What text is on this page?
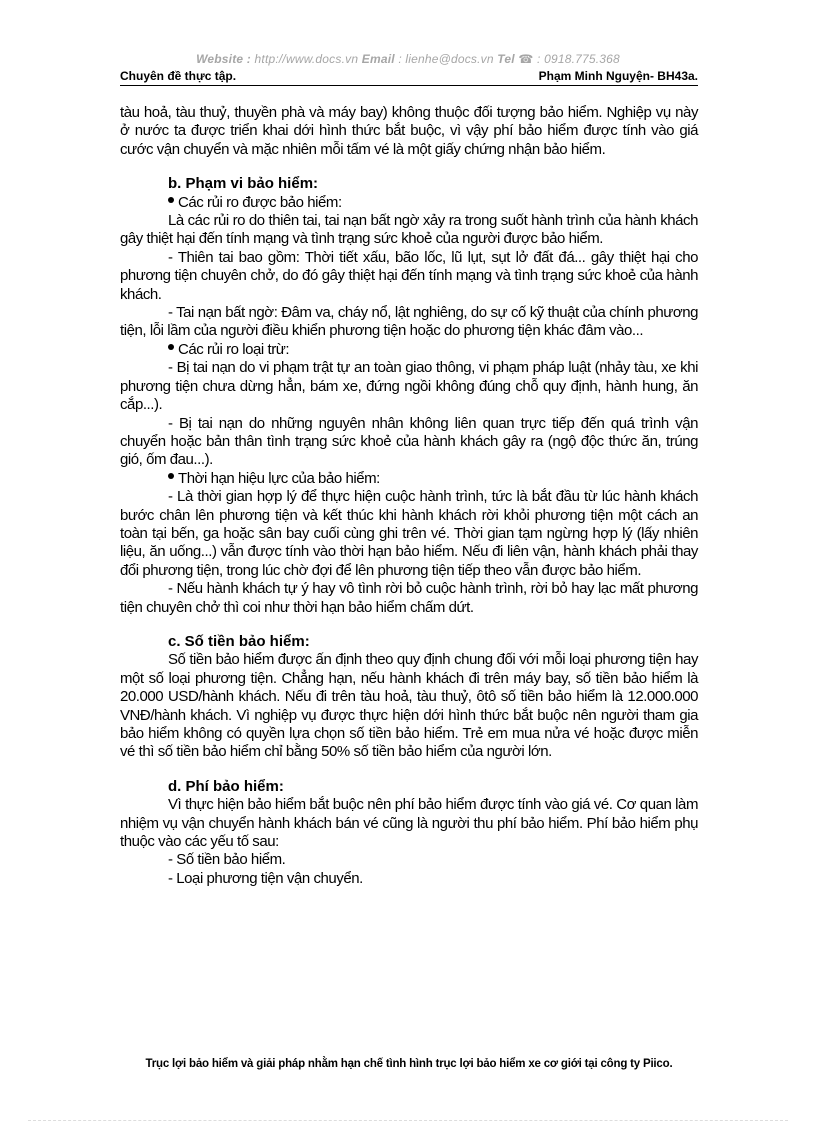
Website : http://www.docs.vn Email : lienhe@docs.vn Tel ☎ : 0918.775.368
Chuyên đề thực tập.	Phạm Minh Nguyện- BH43a.

tàu hoả, tàu thuỷ, thuyền phà và máy bay) không thuộc đối tượng bảo hiểm. Nghiệp vụ này ở nước ta được triển khai dới hình thức bắt buộc, vì vậy phí bảo hiểm được tính vào giá cước vận chuyển và mặc nhiên mỗi tấm vé là một giấy chứng nhận bảo hiểm.

b. Phạm vi bảo hiểm:

Các rủi ro được bảo hiểm:

Là các rủi ro do thiên tai, tai nạn bất ngờ xảy ra trong suốt hành trình của hành khách gây thiệt hại đến tính mạng và tình trạng sức khoẻ của người được bảo hiểm.

- Thiên tai bao gồm: Thời tiết xấu, bão lốc, lũ lụt, sụt lở đất đá... gây thiệt hại cho phương tiện chuyên chở, do đó gây thiệt hại đến tính mạng và tình trạng sức khoẻ của hành khách.

- Tai nạn bất ngờ: Đâm va, cháy nổ, lật nghiêng, do sự cố kỹ thuật của chính phương tiện, lỗi lầm của người điều khiển phương tiện hoặc do phương tiện khác đâm vào...

Các rủi ro loại trừ:

- Bị tai nạn do vi phạm trật tự an toàn giao thông, vi phạm pháp luật (nhảy tàu, xe khi phương tiện chưa dừng hẳn, bám xe, đứng ngồi không đúng chỗ quy định, hành hung, ăn cắp...).

- Bị tai nạn do những nguyên nhân không liên quan trực tiếp đến quá trình vận chuyển hoặc bản thân tình trạng sức khoẻ của hành khách gây ra (ngộ độc thức ăn, trúng gió, ốm đau...).

Thời hạn hiệu lực của bảo hiểm:

- Là thời gian hợp lý để thực hiện cuộc hành trình, tức là bắt đầu từ lúc hành khách bước chân lên phương tiện và kết thúc khi hành khách rời khỏi phương tiện một cách an toàn tại bến, ga hoặc sân bay cuối cùng ghi trên vé. Thời gian tạm ngừng hợp lý (lấy nhiên liệu, ăn uống...) vẫn được tính vào thời hạn bảo hiểm. Nếu đi liên vận, hành khách phải thay đổi phương tiện, trong lúc chờ đợi để lên phương tiện tiếp theo vẫn được bảo hiểm.

- Nếu hành khách tự ý hay vô tình rời bỏ cuộc hành trình, rời bỏ hay lạc mất phương tiện chuyên chở thì coi như thời hạn bảo hiểm chấm dứt.

c. Số tiền bảo hiểm:

Số tiền bảo hiểm được ấn định theo quy định chung đối với mỗi loại phương tiện hay một số loại phương tiện. Chẳng hạn, nếu hành khách đi trên máy bay, số tiền bảo hiểm là 20.000 USD/hành khách. Nếu đi trên tàu hoả, tàu thuỷ, ôtô số tiền bảo hiểm là 12.000.000 VNĐ/hành khách. Vì nghiệp vụ được thực hiện dới hình thức bắt buộc nên người tham gia bảo hiểm không có quyền lựa chọn số tiền bảo hiểm. Trẻ em mua nửa vé hoặc được miễn vé thì số tiền bảo hiểm chỉ bằng 50% số tiền bảo hiểm của người lớn.

d. Phí bảo hiểm:

Vì thực hiện bảo hiểm bắt buộc nên phí bảo hiểm được tính vào giá vé. Cơ quan làm nhiệm vụ vận chuyển hành khách bán vé cũng là người thu phí bảo hiểm. Phí bảo hiểm phụ thuộc vào các yếu tố sau:

- Số tiền bảo hiểm.

- Loại phương tiện vận chuyển.

Trục lợi bảo hiểm và giải pháp nhằm hạn chế tình hình trục lợi bảo hiểm xe cơ giới tại công ty Piico.
